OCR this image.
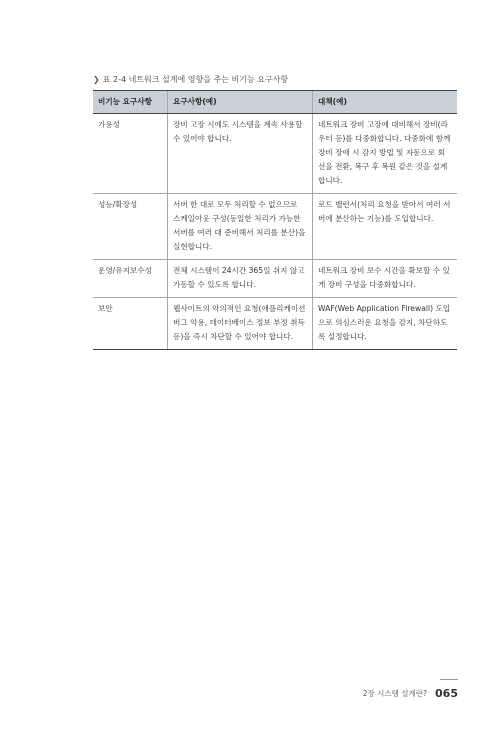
❯ 표 2-4 네트워크 설계에 영향을 주는 비기능 요구사항
비기능 요구사항	요구사항(예)	대책(예)
가용성	장비 고장 시에도 시스템을 계속 사용할 수 있어야 합니다.	네트워크 장비 고장에 대비해서 장비(라우터 등)를 다중화합니다. 다중화에 함께 장비 장애 시 감지 방법 및 자동으로 회선을 전환, 복구 후 복원 같은 것을 설계합니다.
성능/확장성	서버 한 대로 모두 처리할 수 없으므로 스케일아웃 구성(동일한 처리가 가능한 서버를 여러 대 준비해서 처리를 분산)을 실현합니다.	로드 밸런서(처리 요청을 받아서 여러 서버에 분산하는 기능)를 도입합니다.
운영/유지보수성	전체 시스템이 24시간 365일 쉬지 않고 가동할 수 있도록 합니다.	네트워크 장비 보수 시간을 확보할 수 있게 장비 구성을 다중화합니다.
보안	웹사이트의 악의적인 요청(애플리케이션 버그 악용, 데이터베이스 정보 부정 취득 등)을 즉시 차단할 수 있어야 합니다.	WAF(Web Application Firewall) 도입으로 의심스러운 요청을 감지, 차단하도록 설정합니다.
2장 시스템 설계란? 065
